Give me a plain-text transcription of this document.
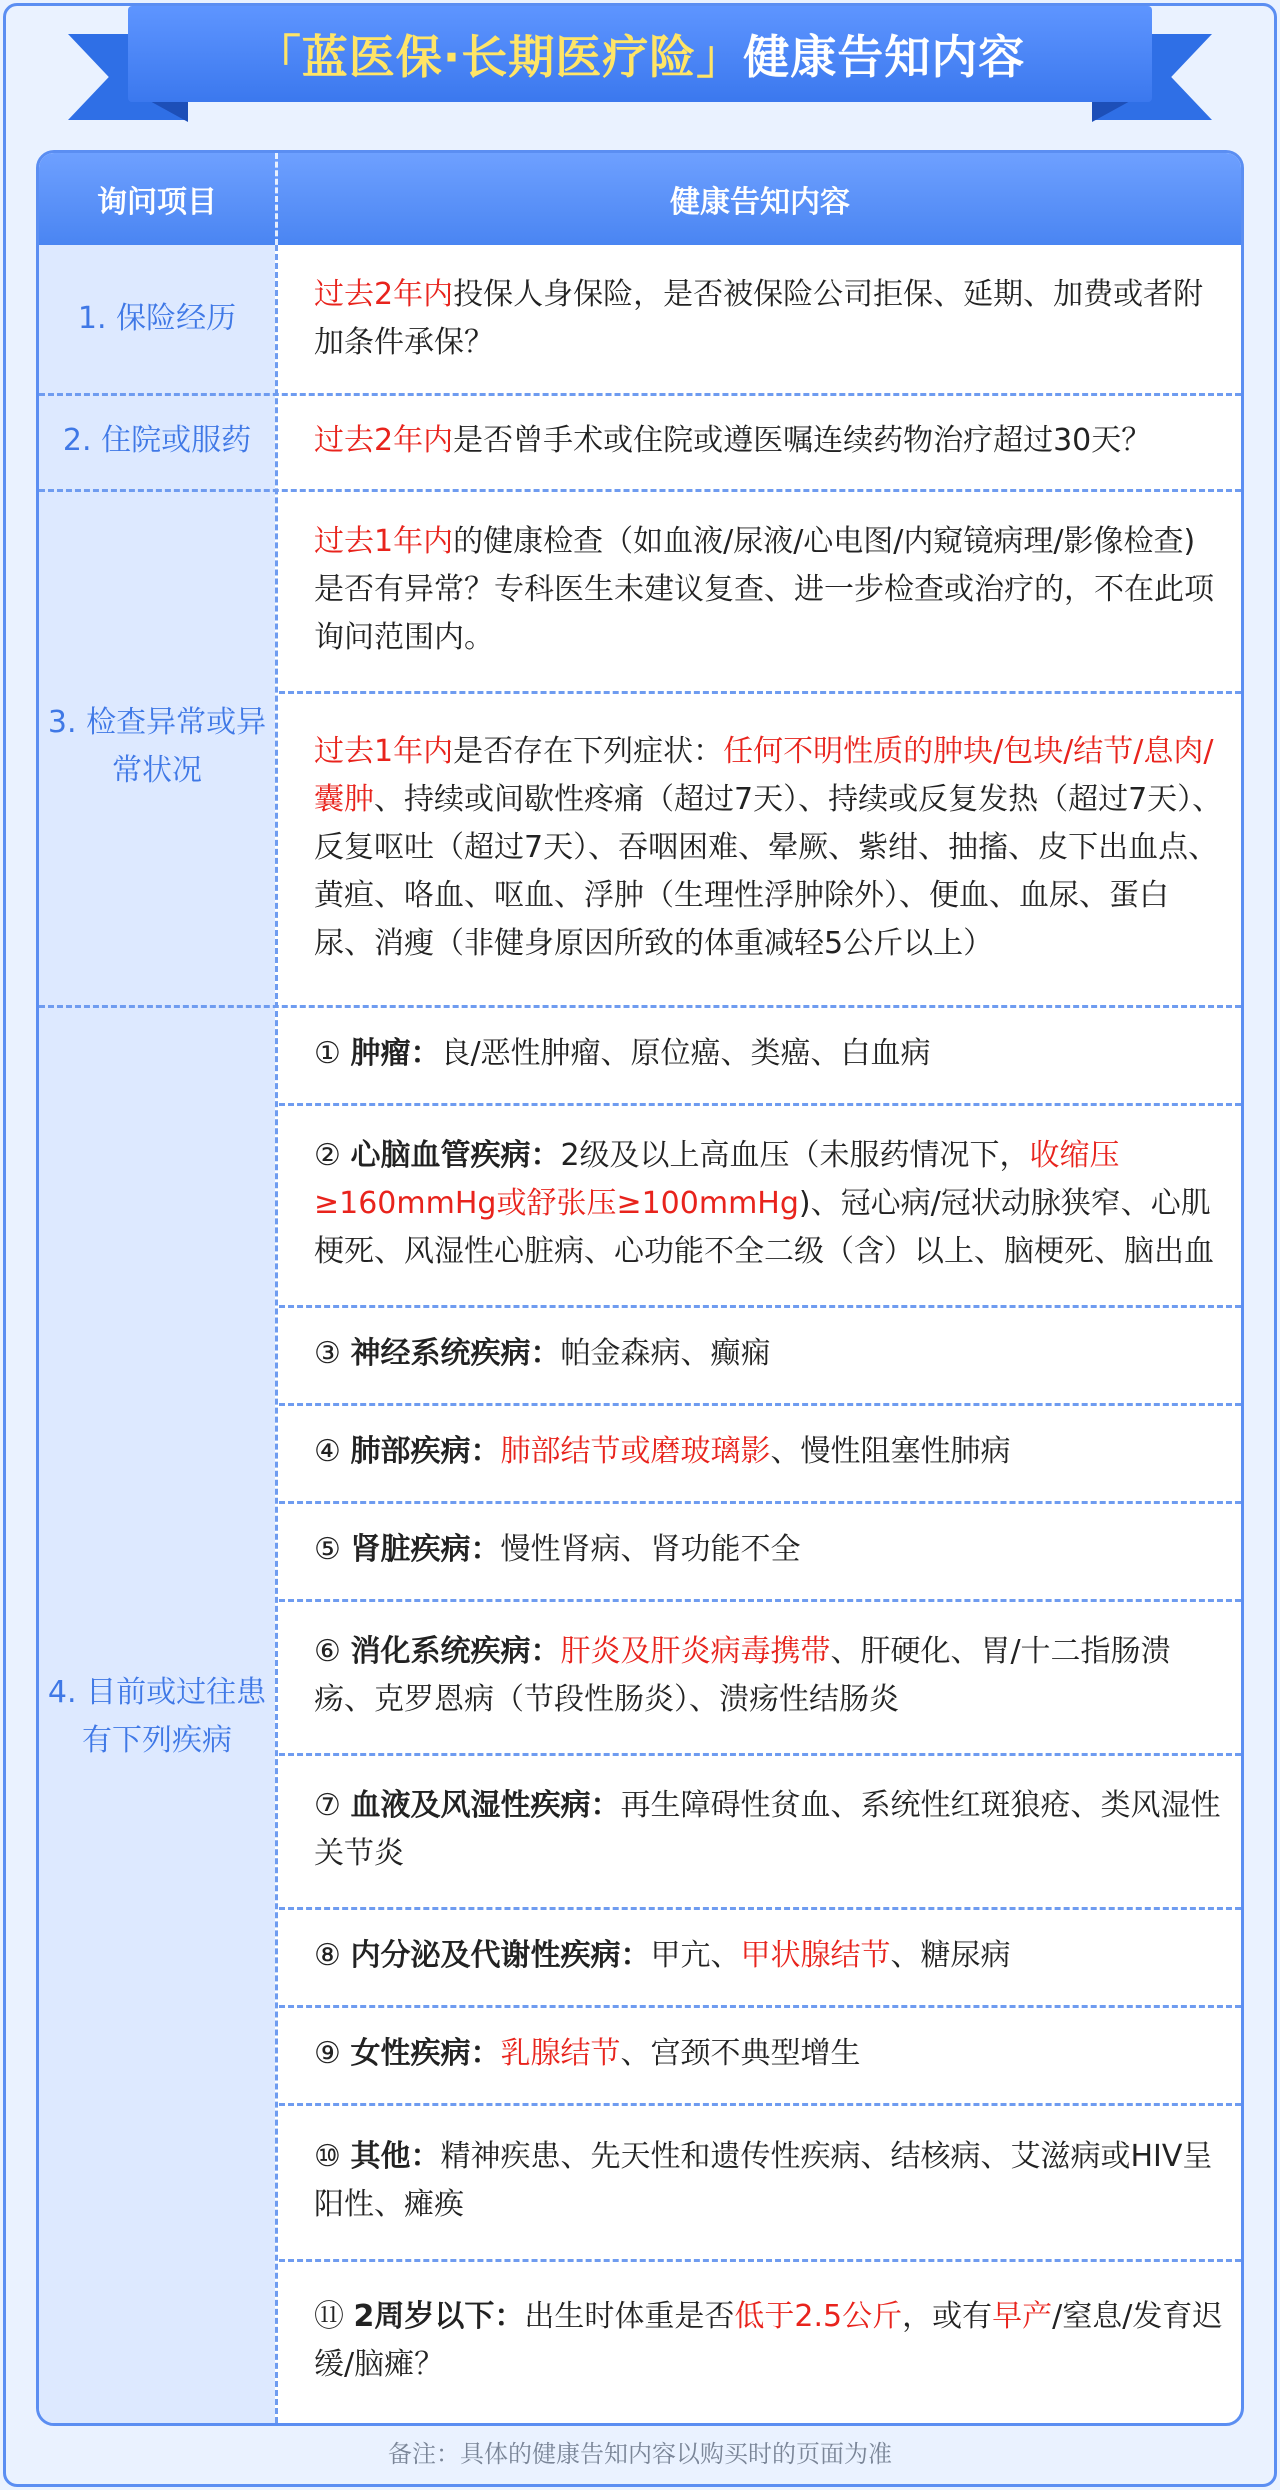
「 蓝医保·长期医疗险 」 健康告知内容
询问项目	健康告知内容
1. 保险经历

过去2年内投保人身保险，是否被保险公司拒保、延期、加费或者附加条件承保？

2. 住院或服药	过去2年内是否曾手术或住院或遵医嘱连续药物治疗超过30天？

3. 检查异常或异常状况

过去1年内的健康检查（如血液/尿液/心电图/内窥镜病理/影像检查)是否有异常？专科医生未建议复查、进一步检查或治疗的，不在此项询问范围内。

过去1年内是否存在下列症状：任何不明性质的肿块/包块/结节/息肉/囊肿、持续或间歇性疼痛（超过7天）、持续或反复发热（超过7天）、反复呕吐（超过7天）、吞咽困难、晕厥、紫绀、抽搐、皮下出血点、黄疸、咯血、呕血、浮肿（生理性浮肿除外）、便血、血尿、蛋白尿、消瘦（非健身原因所致的体重减轻5公斤以上）

4. 目前或过往患有下列疾病

① 肿瘤：良/恶性肿瘤、原位癌、类癌、白血病

② 心脑血管疾病：2级及以上高血压（未服药情况下，收缩压≥160mmHg或舒张压≥100mmHg)、冠心病/冠状动脉狭窄、心肌梗死、风湿性心脏病、心功能不全二级（含）以上、脑梗死、脑出血

③ 神经系统疾病：帕金森病、癫痫

④ 肺部疾病：肺部结节或磨玻璃影、慢性阻塞性肺病

⑤ 肾脏疾病：慢性肾病、肾功能不全

⑥ 消化系统疾病：肝炎及肝炎病毒携带、肝硬化、胃/十二指肠溃疡、克罗恩病（节段性肠炎）、溃疡性结肠炎

⑦ 血液及风湿性疾病：再生障碍性贫血、系统性红斑狼疮、类风湿性关节炎

⑧ 内分泌及代谢性疾病：甲亢、甲状腺结节、糖尿病

⑨ 女性疾病：乳腺结节、宫颈不典型增生

⑩ 其他：精神疾患、先天性和遗传性疾病、结核病、艾滋病或HIV呈阳性、瘫痪

⑪ 2周岁以下：出生时体重是否低于2.5公斤，或有早产/窒息/发育迟缓/脑瘫？

备注：具体的健康告知内容以购买时的页面为准
